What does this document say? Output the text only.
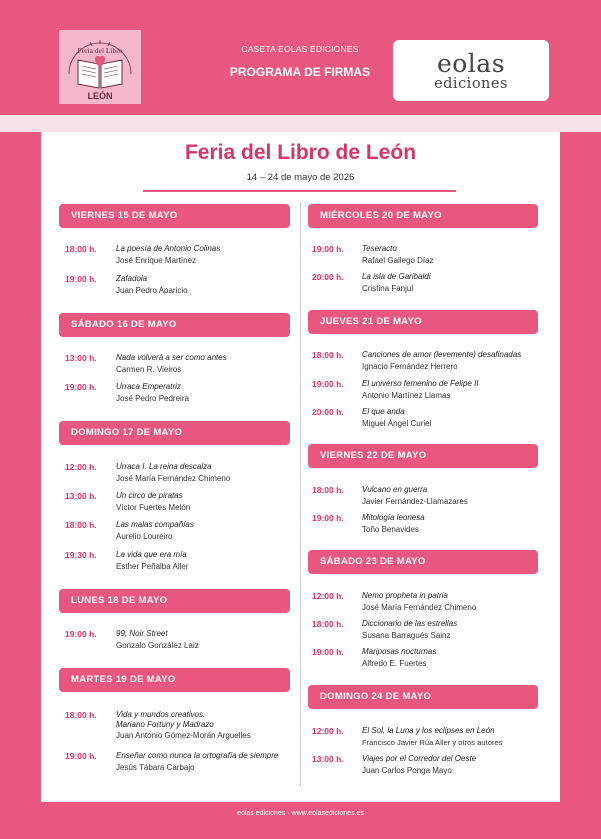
Feria del Libro
LEÓN
CASETA EOLAS EDICIONES
PROGRAMA DE FIRMAS	eolas
ediciones
Feria del Libro de León
14 – 24 de mayo de 2026
VIERNES 15 DE MAYO
18:00 h. La poesía de Antonio Colinas
José Enrique Martínez
19:00 h. Zafadola
Juan Pedro Aparicio
SÁBADO 16 DE MAYO
13:00 h. Nada volverá a ser como antes
Carmen R. Vieiros
19:00 h. Urraca Emperatriz
José Pedro Pedreira
DOMINGO 17 DE MAYO
12:00 h. Urraca I. La reina descalza
José María Fernández Chimeno
13:00 h. Un circo de piratas
Víctor Fuertes Melón
18:00 h. Las malas compañías
Aurelio Loureiro
19:30 h. La vida que era mía
Esther Peñalba Aller
LUNES 18 DE MAYO
19:00 h. 99, Noir Street
Gonzalo González Laiz
MARTES 19 DE MAYO
18:00 h. Vida y mundos creativos.
Mariano Fortuny y Madrazo
Juan Antonio Gómez-Morán Arguelles
19:00 h. Enseñar como nunca la ortografía de siempre
Jesús Tábara Carbajo
MIÉRCOLES 20 DE MAYO
19:00 h. Teseracto
Rafael Gallego Díaz
20:00 h. La isla de Garibaldi
Cristina Fanjul
JUEVES 21 DE MAYO
18:00 h. Canciones de amor (levemente) desafinadas
Ignacio Fernández Herrero
19:00 h. El universo femenino de Felipe II
Antonio Martínez Llamas
20:00 h. El que anda
Miguel Ángel Curiel
VIERNES 22 DE MAYO
18:00 h. Vulcano en guerra
Javier Fernández-Llamazares
19:00 h. Mitología leonesa
Toño Benavides
SÁBADO 23 DE MAYO
12:00 h. Nemo propheta in patria
José María Fernández Chimeno
18:00 h. Diccionario de las estrellas
Susana Barragués Sainz
19:00 h. Mariposas nocturnas
Alfredo E. Fuertes
DOMINGO 24 DE MAYO
12:00 h. El Sol, la Luna y los eclipses en León
Francisco Javier Rúa Aller y otros autores
13:00 h. Viajes por el Corredor del Oeste
Juan Carlos Ponga Mayo
eolas ediciones · www.eolasediciones.es
